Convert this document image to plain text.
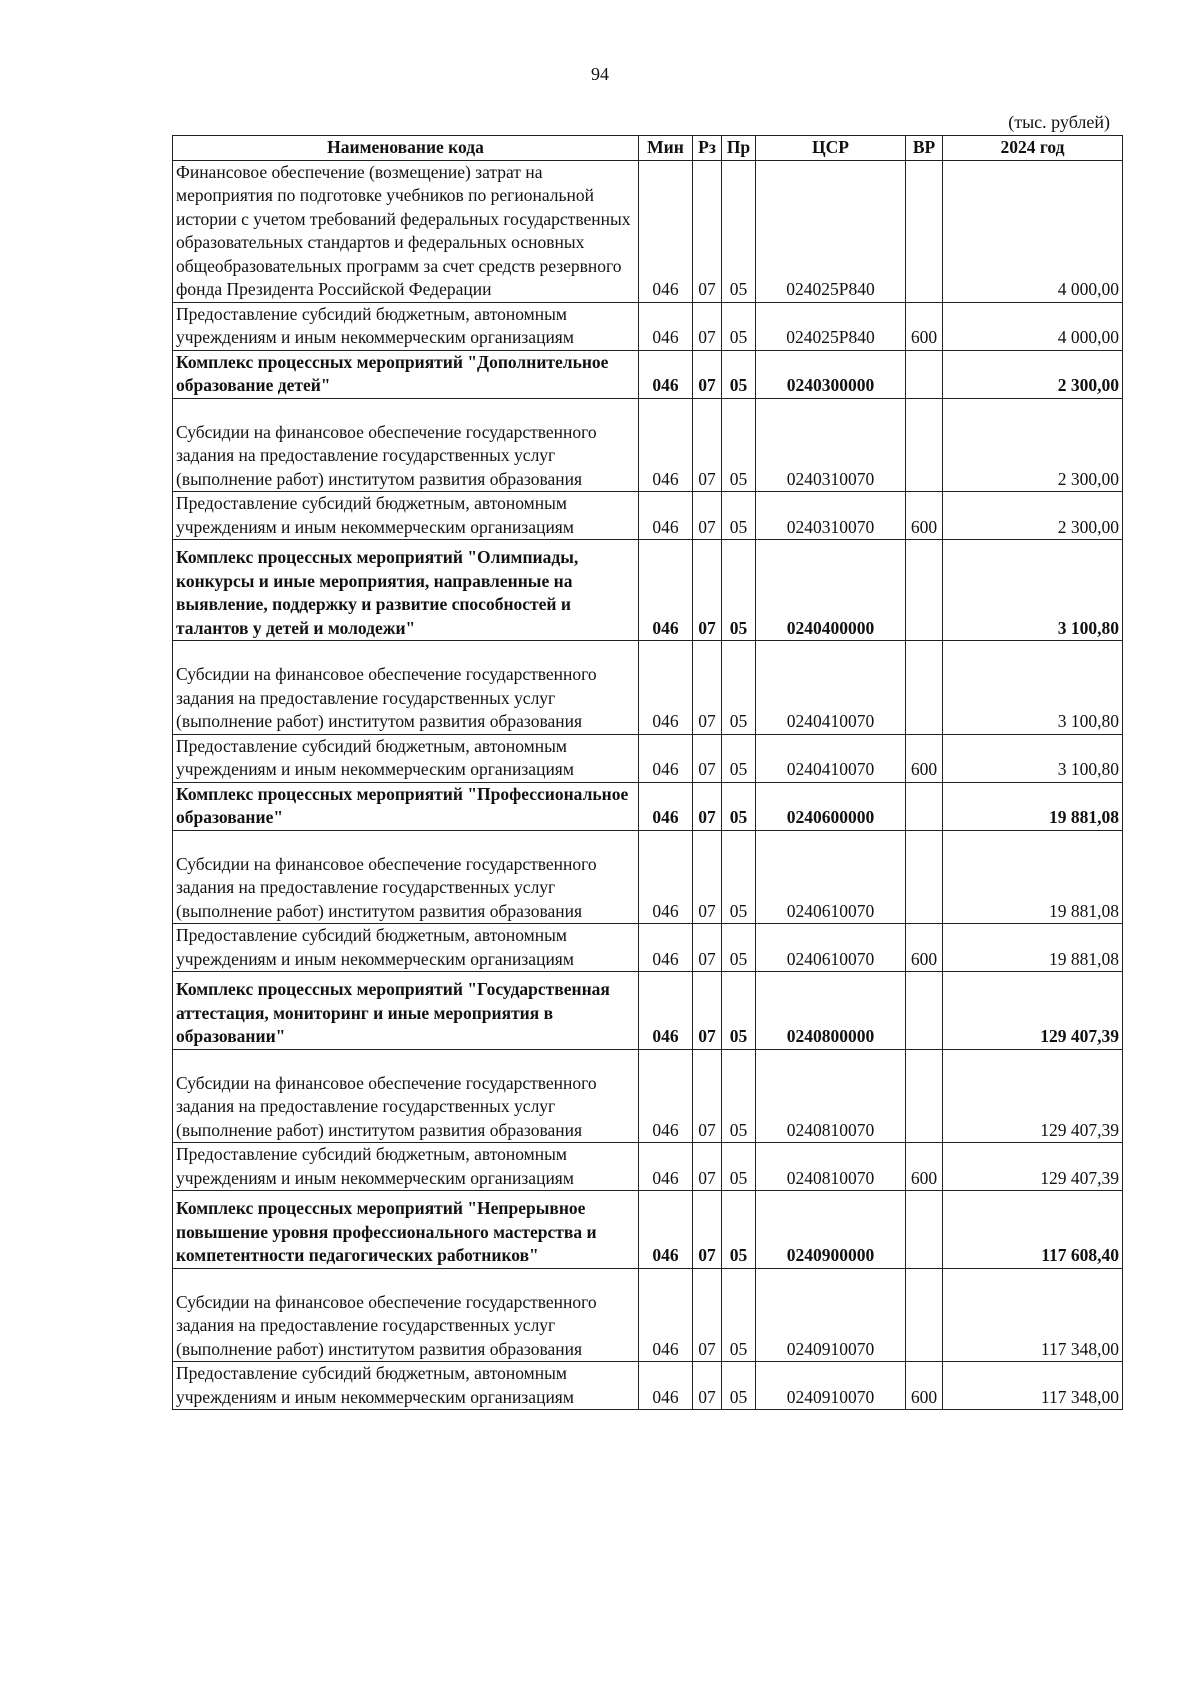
94
(тыс. рублей)
Наименование кода	Мин	Рз	Пр	ЦСР	ВР	2024 год
Финансовое обеспечение (возмещение) затрат на мероприятия по подготовке учебников по региональной истории с учетом требований федеральных государственных образовательных стандартов и федеральных основных общеобразовательных программ за счет средств резервного фонда Президента Российской Федерации	046	07	05	024025Р840		4 000,00
Предоставление субсидий бюджетным, автономным учреждениям и иным некоммерческим организациям	046	07	05	024025Р840	600	4 000,00
Комплекс процессных мероприятий "Дополнительное образование детей"	046	07	05	0240300000		2 300,00
Субсидии на финансовое обеспечение государственного задания на предоставление государственных услуг (выполнение работ) институтом развития образования	046	07	05	0240310070		2 300,00
Предоставление субсидий бюджетным, автономным учреждениям и иным некоммерческим организациям	046	07	05	0240310070	600	2 300,00
Комплекс процессных мероприятий "Олимпиады, конкурсы и иные мероприятия, направленные на выявление, поддержку и развитие способностей и талантов у детей и молодежи"	046	07	05	0240400000		3 100,80
Субсидии на финансовое обеспечение государственного задания на предоставление государственных услуг (выполнение работ) институтом развития образования	046	07	05	0240410070		3 100,80
Предоставление субсидий бюджетным, автономным учреждениям и иным некоммерческим организациям	046	07	05	0240410070	600	3 100,80
Комплекс процессных мероприятий "Профессиональное образование"	046	07	05	0240600000		19 881,08
Субсидии на финансовое обеспечение государственного задания на предоставление государственных услуг (выполнение работ) институтом развития образования	046	07	05	0240610070		19 881,08
Предоставление субсидий бюджетным, автономным учреждениям и иным некоммерческим организациям	046	07	05	0240610070	600	19 881,08
Комплекс процессных мероприятий "Государственная аттестация, мониторинг и иные мероприятия в образовании"	046	07	05	0240800000		129 407,39
Субсидии на финансовое обеспечение государственного задания на предоставление государственных услуг (выполнение работ) институтом развития образования	046	07	05	0240810070		129 407,39
Предоставление субсидий бюджетным, автономным учреждениям и иным некоммерческим организациям	046	07	05	0240810070	600	129 407,39
Комплекс процессных мероприятий "Непрерывное повышение уровня профессионального мастерства и компетентности педагогических работников"	046	07	05	0240900000		117 608,40
Субсидии на финансовое обеспечение государственного задания на предоставление государственных услуг (выполнение работ) институтом развития образования	046	07	05	0240910070		117 348,00
Предоставление субсидий бюджетным, автономным учреждениям и иным некоммерческим организациям	046	07	05	0240910070	600	117 348,00
